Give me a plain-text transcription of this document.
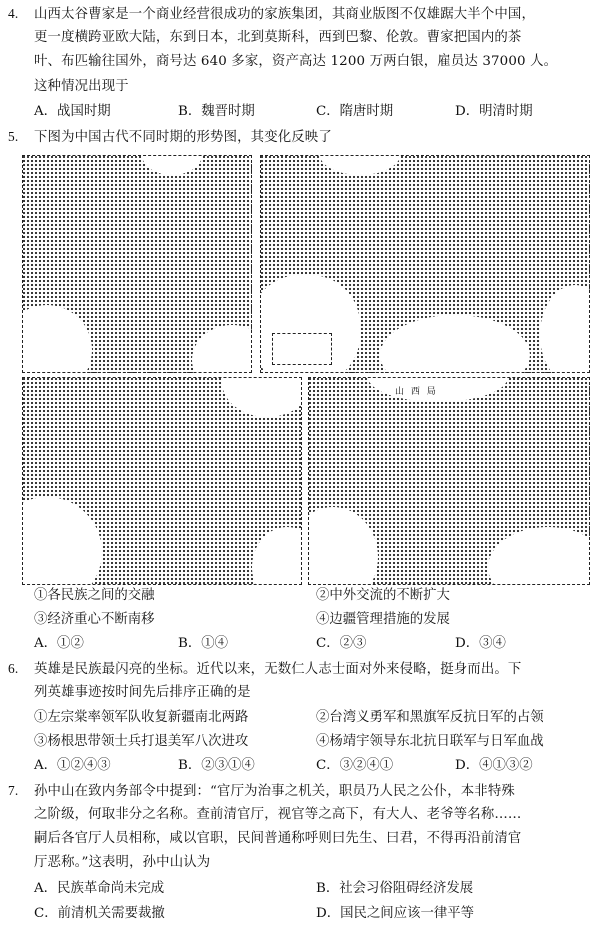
4. 山西太谷曹家是一个商业经营很成功的家族集团，其商业版图不仅雄踞大半个中国，
更一度横跨亚欧大陆，东到日本，北到莫斯科，西到巴黎、伦敦。曹家把国内的茶
叶、布匹输往国外，商号达 640 多家，资产高达 1200 万两白银，雇员达 37000 人。
这种情况出现于
A．战国时期	B．魏晋时期	C．隋唐时期	D．明清时期
5. 下图为中国古代不同时期的形势图，其变化反映了
山 西 局
①各民族之间的交融	②中外交流的不断扩大
③经济重心不断南移	④边疆管理措施的发展
A．①②	B．①④	C．②③	D．③④
6. 英雄是民族最闪亮的坐标。近代以来，无数仁人志士面对外来侵略，挺身而出。下
列英雄事迹按时间先后排序正确的是
①左宗棠率领军队收复新疆南北两路	②台湾义勇军和黑旗军反抗日军的占领
③杨根思带领士兵打退美军八次进攻	④杨靖宇领导东北抗日联军与日军血战
A．①②④③	B．②③①④	C．③②④①	D．④①③②
7. 孙中山在致内务部令中提到：“官厅为治事之机关，职员乃人民之公仆，本非特殊
之阶级，何取非分之名称。查前清官厅，视官等之高下，有大人、老爷等名称……
嗣后各官厅人员相称，咸以官职，民间普通称呼则曰先生、曰君，不得再沿前清官
厅恶称。”这表明，孙中山认为
A．民族革命尚未完成	B．社会习俗阻碍经济发展
C．前清机关需要裁撤	D．国民之间应该一律平等
